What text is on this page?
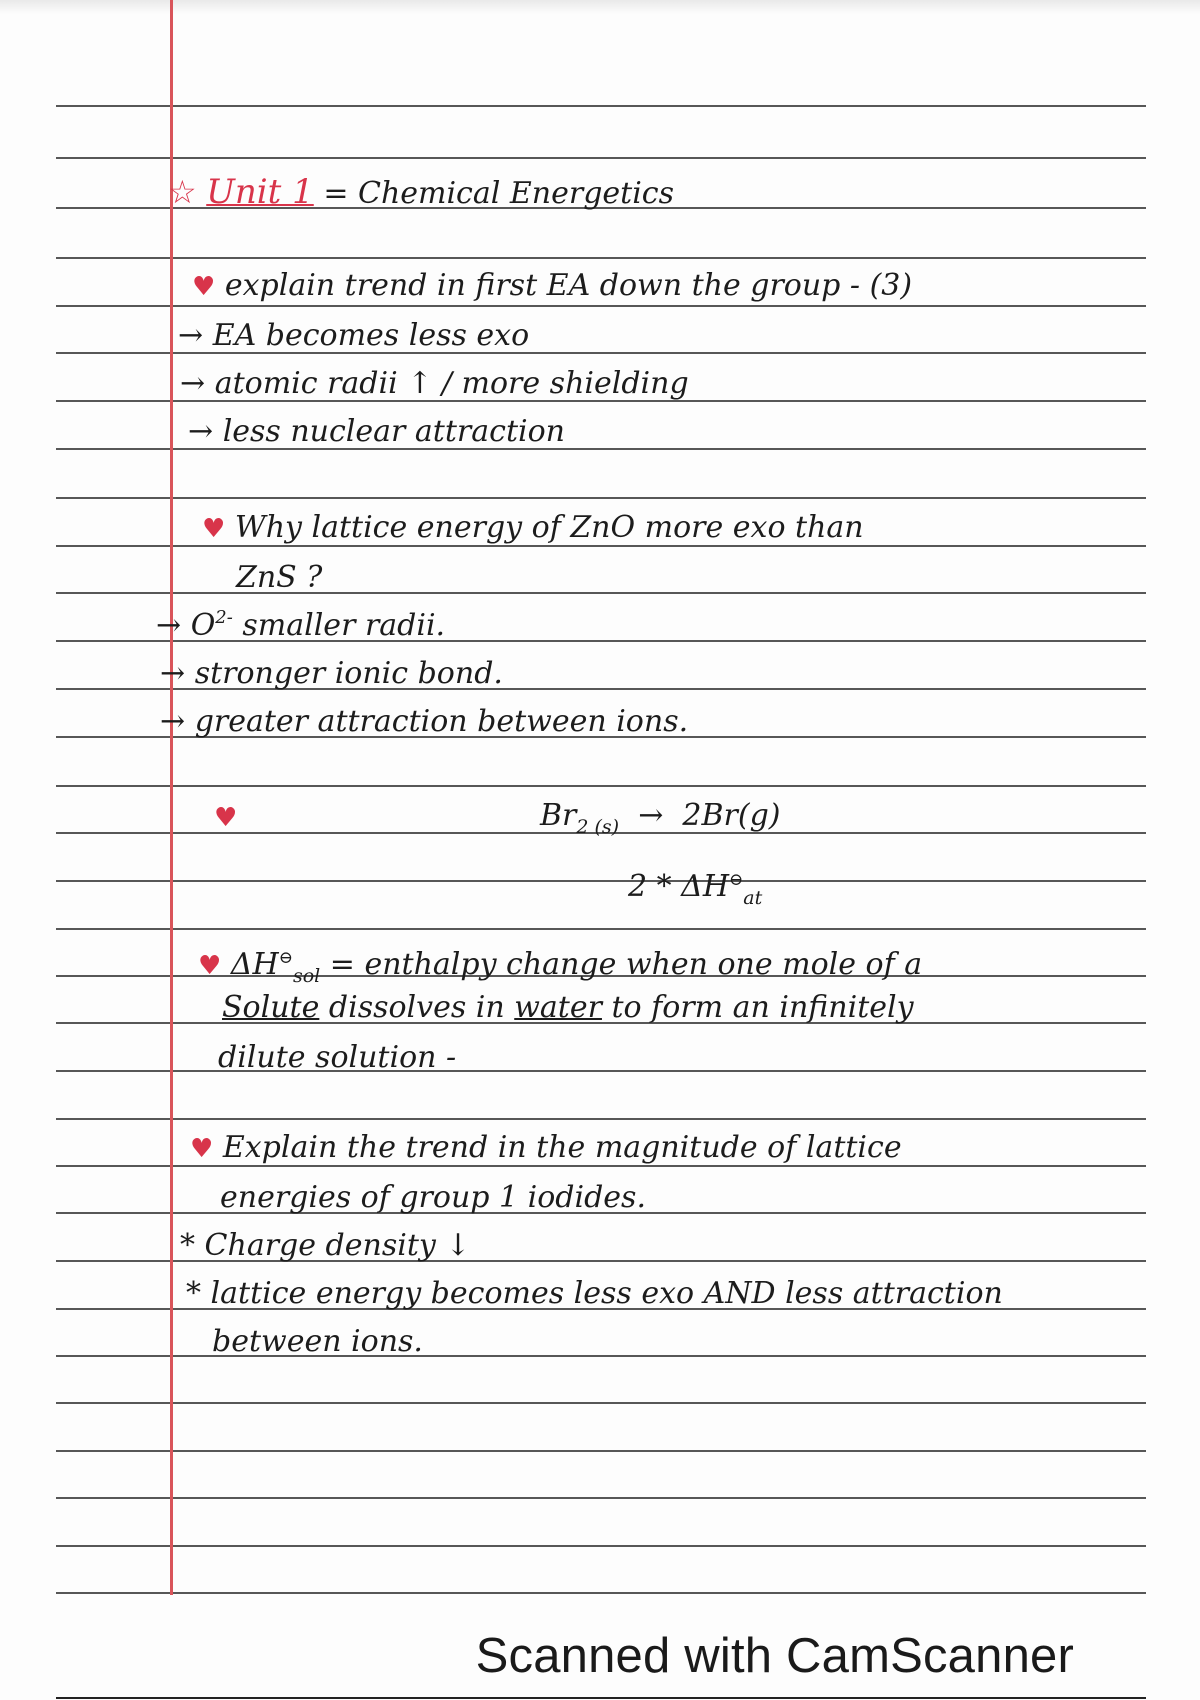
☆ Unit 1 = Chemical Energetics

♥ explain trend in first EA down the group - (3)

→ EA becomes less exo

→ atomic radii ↑ / more shielding

→ less nuclear attraction

♥ Why lattice energy of ZnO more exo than

ZnS ?

→ $O^{2-}$ smaller radii.

→ stronger ionic bond.

→ greater attraction between ions.

♥	$Br_{2 (s)} \to 2Br(g)$

$2 * \Delta H^⊖_{at}$

♥ $\Delta H^⊖_{sol}$ = enthalpy change when one mole of a

Solute dissolves in water to form an infinitely

dilute solution -

♥ Explain the trend in the magnitude of lattice

energies of group 1 iodides.

* Charge density ↓

* lattice energy becomes less exo AND less attraction

between ions.

Scanned with CamScanner
